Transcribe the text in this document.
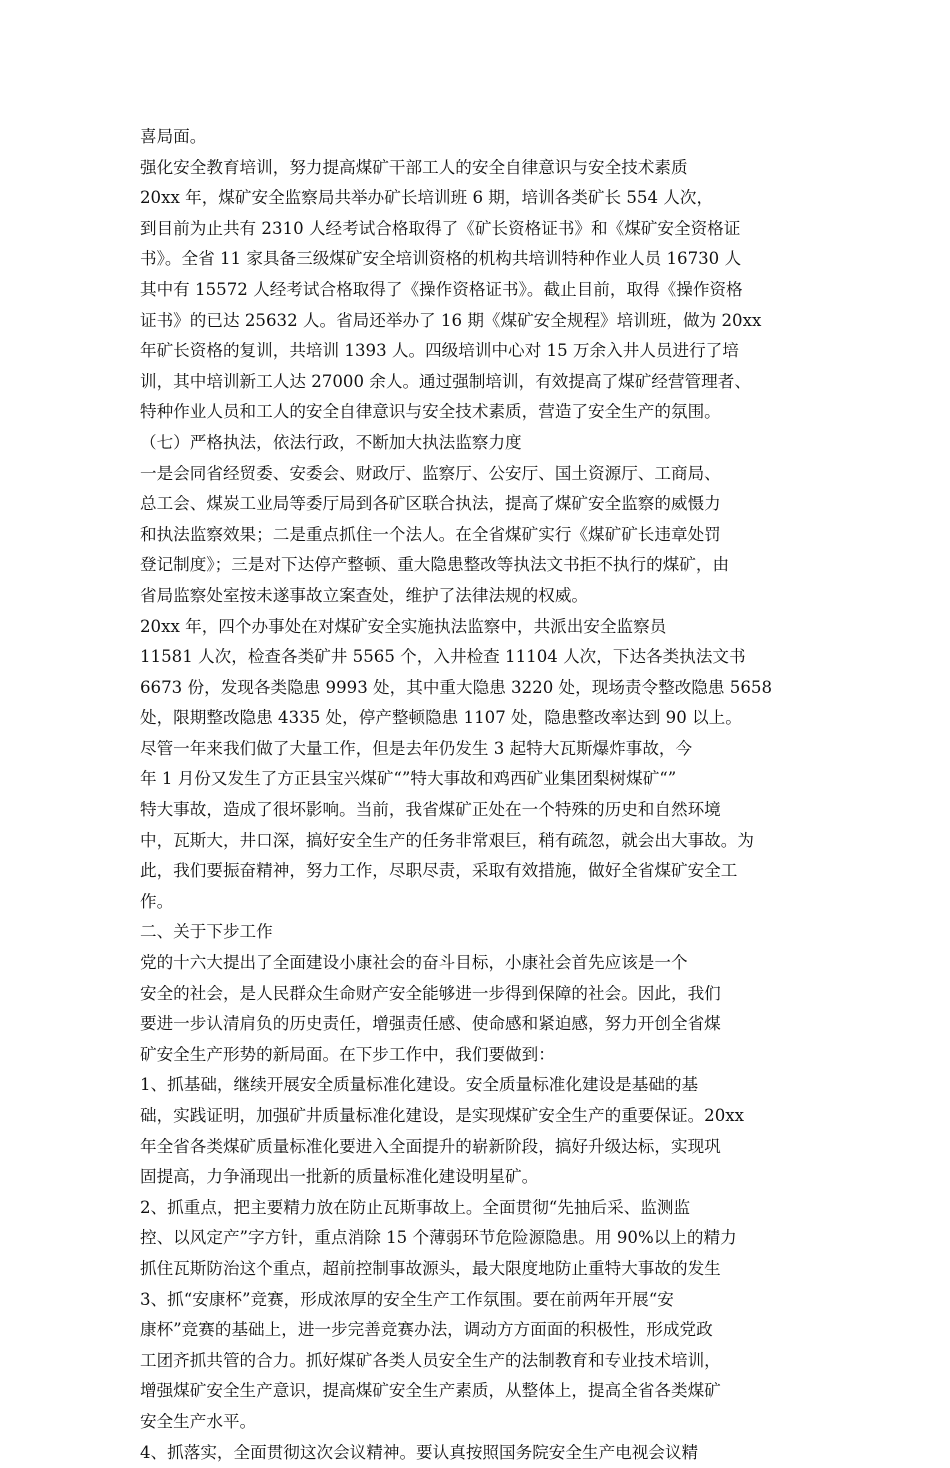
喜局面。

强化安全教育培训，努力提高煤矿干部工人的安全自律意识与安全技术素质

20xx 年，煤矿安全监察局共举办矿长培训班 6 期，培训各类矿长 554 人次，
到目前为止共有 2310 人经考试合格取得了《矿长资格证书》和《煤矿安全资格证
书》。全省 11 家具备三级煤矿安全培训资格的机构共培训特种作业人员 16730 人
其中有 15572 人经考试合格取得了《操作资格证书》。截止目前，取得《操作资格
证书》的已达 25632 人。省局还举办了 16 期《煤矿安全规程》培训班，做为 20xx
年矿长资格的复训，共培训 1393 人。四级培训中心对 15 万余入井人员进行了培
训，其中培训新工人达 27000 余人。通过强制培训，有效提高了煤矿经营管理者、
特种作业人员和工人的安全自律意识与安全技术素质，营造了安全生产的氛围。

（七）严格执法，依法行政，不断加大执法监察力度

一是会同省经贸委、安委会、财政厅、监察厅、公安厅、国土资源厅、工商局、
总工会、煤炭工业局等委厅局到各矿区联合执法，提高了煤矿安全监察的威慑力
和执法监察效果；二是重点抓住一个法人。在全省煤矿实行《煤矿矿长违章处罚
登记制度》；三是对下达停产整顿、重大隐患整改等执法文书拒不执行的煤矿，由
省局监察处室按未遂事故立案查处，维护了法律法规的权威。

20xx 年，四个办事处在对煤矿安全实施执法监察中，共派出安全监察员
11581 人次，检查各类矿井 5565 个，入井检查 11104 人次，下达各类执法文书
6673 份，发现各类隐患 9993 处，其中重大隐患 3220 处，现场责令整改隐患 5658
处，限期整改隐患 4335 处，停产整顿隐患 1107 处，隐患整改率达到 90 以上。

尽管一年来我们做了大量工作，但是去年仍发生 3 起特大瓦斯爆炸事故，今
年 1 月份又发生了方正县宝兴煤矿“”特大事故和鸡西矿业集团梨树煤矿“”
特大事故，造成了很坏影响。当前，我省煤矿正处在一个特殊的历史和自然环境
中，瓦斯大，井口深，搞好安全生产的任务非常艰巨，稍有疏忽，就会出大事故。为
此，我们要振奋精神，努力工作，尽职尽责，采取有效措施，做好全省煤矿安全工
作。

二、关于下步工作

党的十六大提出了全面建设小康社会的奋斗目标，小康社会首先应该是一个
安全的社会，是人民群众生命财产安全能够进一步得到保障的社会。因此，我们
要进一步认清肩负的历史责任，增强责任感、使命感和紧迫感，努力开创全省煤
矿安全生产形势的新局面。在下步工作中，我们要做到：

1、抓基础，继续开展安全质量标准化建设。安全质量标准化建设是基础的基
础，实践证明，加强矿井质量标准化建设，是实现煤矿安全生产的重要保证。20xx
年全省各类煤矿质量标准化要进入全面提升的崭新阶段，搞好升级达标，实现巩
固提高，力争涌现出一批新的质量标准化建设明星矿。

2、抓重点，把主要精力放在防止瓦斯事故上。全面贯彻“先抽后采、监测监
控、以风定产”字方针，重点消除 15 个薄弱环节危险源隐患。用 90%以上的精力
抓住瓦斯防治这个重点，超前控制事故源头，最大限度地防止重特大事故的发生

3、抓“安康杯”竞赛，形成浓厚的安全生产工作氛围。要在前两年开展“安
康杯”竞赛的基础上，进一步完善竞赛办法，调动方方面面的积极性，形成党政
工团齐抓共管的合力。抓好煤矿各类人员安全生产的法制教育和专业技术培训，
增强煤矿安全生产意识，提高煤矿安全生产素质，从整体上，提高全省各类煤矿
安全生产水平。

4、抓落实，全面贯彻这次会议精神。要认真按照国务院安全生产电视会议精
